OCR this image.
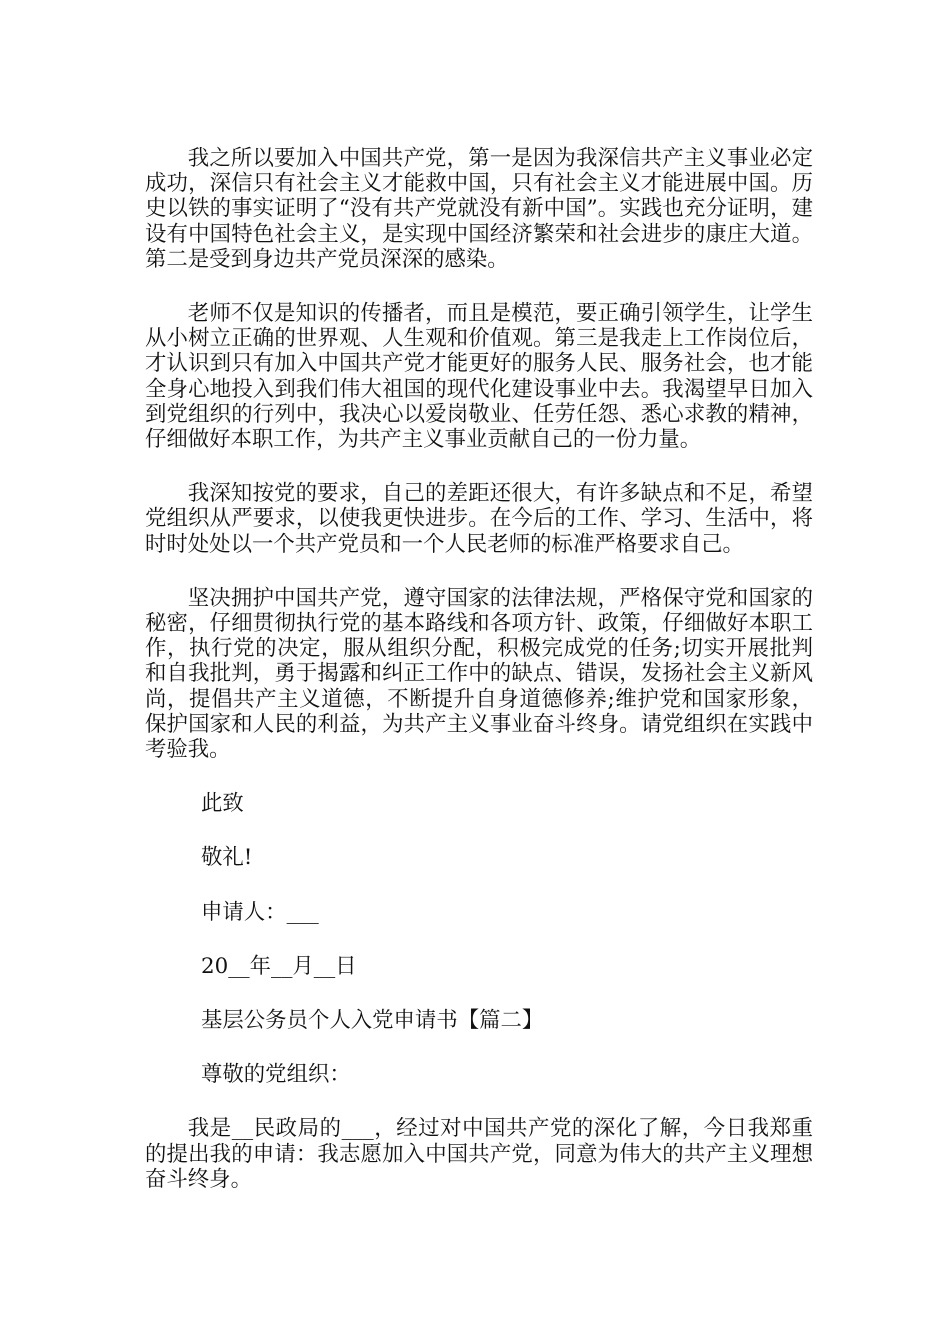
我之所以要加入中国共产党，第一是因为我深信共产主义事业必定成功，深信只有社会主义才能救中国，只有社会主义才能进展中国。历史以铁的事实证明了“没有共产党就没有新中国”。实践也充分证明，建设有中国特色社会主义，是实现中国经济繁荣和社会进步的康庄大道。第二是受到身边共产党员深深的感染。

老师不仅是知识的传播者，而且是模范，要正确引领学生，让学生从小树立正确的世界观、人生观和价值观。第三是我走上工作岗位后，才认识到只有加入中国共产党才能更好的服务人民、服务社会，也才能全身心地投入到我们伟大祖国的现代化建设事业中去。我渴望早日加入到党组织的行列中，我决心以爱岗敬业、任劳任怨、悉心求教的精神，仔细做好本职工作，为共产主义事业贡献自己的一份力量。

我深知按党的要求，自己的差距还很大，有许多缺点和不足，希望党组织从严要求，以使我更快进步。在今后的工作、学习、生活中，将时时处处以一个共产党员和一个人民老师的标准严格要求自己。

坚决拥护中国共产党，遵守国家的法律法规，严格保守党和国家的秘密，仔细贯彻执行党的基本路线和各项方针、政策，仔细做好本职工作，执行党的决定，服从组织分配，积极完成党的任务;切实开展批判和自我批判，勇于揭露和纠正工作中的缺点、错误，发扬社会主义新风尚，提倡共产主义道德，不断提升自身道德修养;维护党和国家形象，保护国家和人民的利益，为共产主义事业奋斗终身。请党组织在实践中考验我。

此致

敬礼!

申请人：___

20__年__月__日

基层公务员个人入党申请书【篇二】

尊敬的党组织：

我是__民政局的___，经过对中国共产党的深化了解，今日我郑重的提出我的申请：我志愿加入中国共产党，同意为伟大的共产主义理想奋斗终身。
